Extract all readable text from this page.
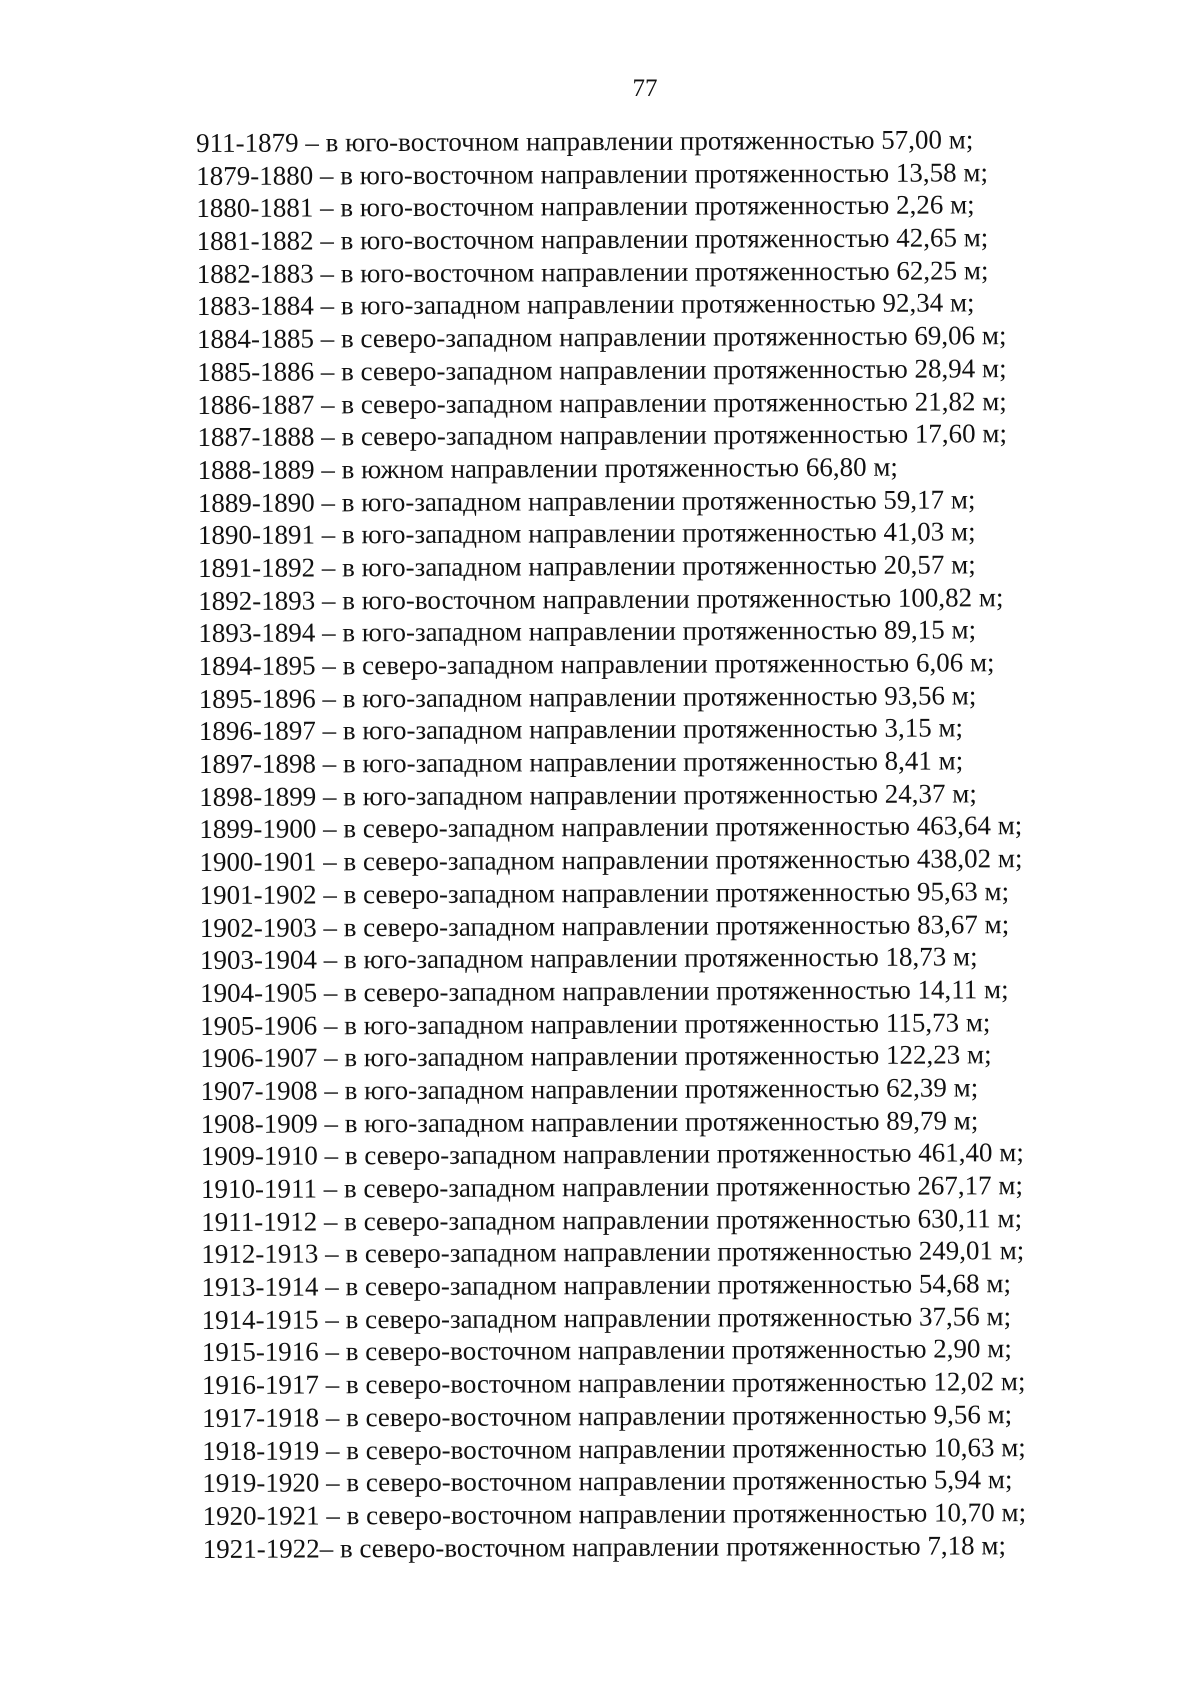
77
911-1879 – в юго-восточном направлении протяженностью 57,00 м;
1879-1880 – в юго-восточном направлении протяженностью 13,58 м;
1880-1881 – в юго-восточном направлении протяженностью 2,26 м;
1881-1882 – в юго-восточном направлении протяженностью 42,65 м;
1882-1883 – в юго-восточном направлении протяженностью 62,25 м;
1883-1884 – в юго-западном направлении протяженностью 92,34 м;
1884-1885 – в северо-западном направлении протяженностью 69,06 м;
1885-1886 – в северо-западном направлении протяженностью 28,94 м;
1886-1887 – в северо-западном направлении протяженностью 21,82 м;
1887-1888 – в северо-западном направлении протяженностью 17,60 м;
1888-1889 – в южном направлении протяженностью 66,80 м;
1889-1890 – в юго-западном направлении протяженностью 59,17 м;
1890-1891 – в юго-западном направлении протяженностью 41,03 м;
1891-1892 – в юго-западном направлении протяженностью 20,57 м;
1892-1893 – в юго-восточном направлении протяженностью 100,82 м;
1893-1894 – в юго-западном направлении протяженностью 89,15 м;
1894-1895 – в северо-западном направлении протяженностью 6,06 м;
1895-1896 – в юго-западном направлении протяженностью 93,56 м;
1896-1897 – в юго-западном направлении протяженностью 3,15 м;
1897-1898 – в юго-западном направлении протяженностью 8,41 м;
1898-1899 – в юго-западном направлении протяженностью 24,37 м;
1899-1900 – в северо-западном направлении протяженностью 463,64 м;
1900-1901 – в северо-западном направлении протяженностью 438,02 м;
1901-1902 – в северо-западном направлении протяженностью 95,63 м;
1902-1903 – в северо-западном направлении протяженностью 83,67 м;
1903-1904 – в юго-западном направлении протяженностью 18,73 м;
1904-1905 – в северо-западном направлении протяженностью 14,11 м;
1905-1906 – в юго-западном направлении протяженностью 115,73 м;
1906-1907 – в юго-западном направлении протяженностью 122,23 м;
1907-1908 – в юго-западном направлении протяженностью 62,39 м;
1908-1909 – в юго-западном направлении протяженностью 89,79 м;
1909-1910 – в северо-западном направлении протяженностью 461,40 м;
1910-1911 – в северо-западном направлении протяженностью 267,17 м;
1911-1912 – в северо-западном направлении протяженностью 630,11 м;
1912-1913 – в северо-западном направлении протяженностью 249,01 м;
1913-1914 – в северо-западном направлении протяженностью 54,68 м;
1914-1915 – в северо-западном направлении протяженностью 37,56 м;
1915-1916 – в северо-восточном направлении протяженностью 2,90 м;
1916-1917 – в северо-восточном направлении протяженностью 12,02 м;
1917-1918 – в северо-восточном направлении протяженностью 9,56 м;
1918-1919 – в северо-восточном направлении протяженностью 10,63 м;
1919-1920 – в северо-восточном направлении протяженностью 5,94 м;
1920-1921 – в северо-восточном направлении протяженностью 10,70 м;
1921-1922– в северо-восточном направлении протяженностью 7,18 м;
